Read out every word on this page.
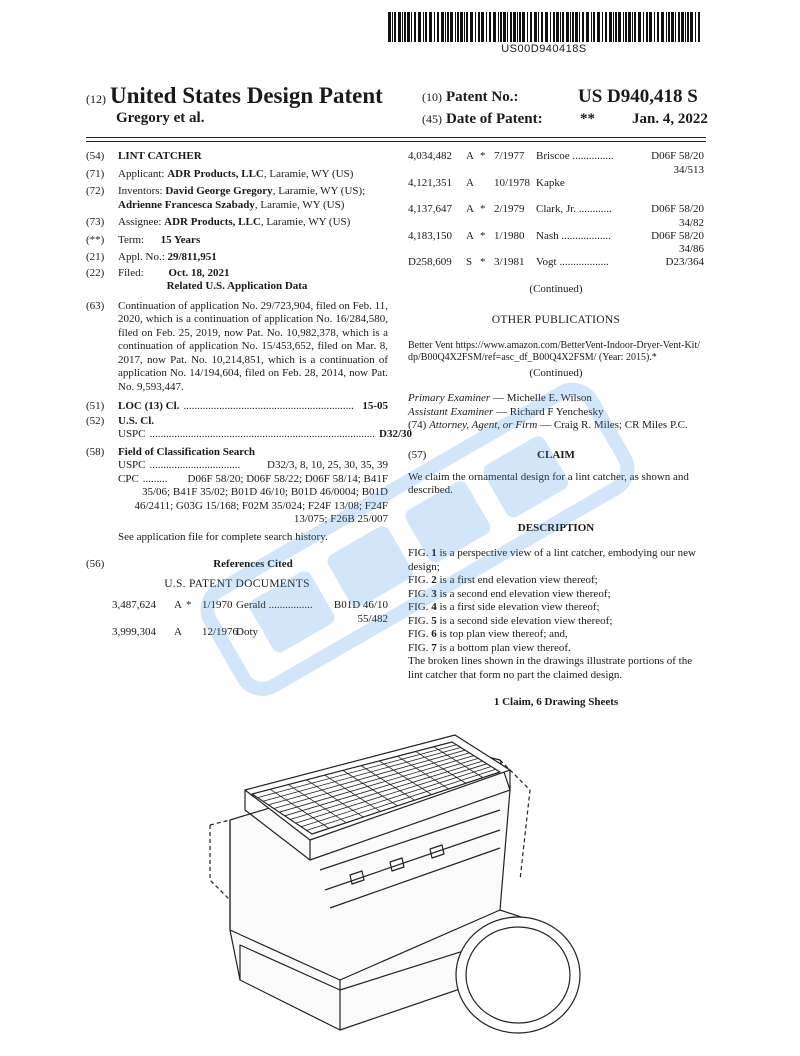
US00D940418S
(12) United States Design Patent
Gregory et al.
(10) Patent No.:	US D940,418 S
(45) Date of Patent: ** Jan. 4, 2022
(54)	LINT CATCHER
(71)	Applicant: ADR Products, LLC, Laramie, WY (US)
(72)	Inventors: David George Gregory, Laramie, WY (US); Adrienne Francesca Szabady, Laramie, WY (US)
(73)	Assignee: ADR Products, LLC, Laramie, WY (US)
(**)	Term: 15 Years
(21)	Appl. No.: 29/811,951
(22)	Filed: Oct. 18, 2021
Related U.S. Application Data
(63)	Continuation of application No. 29/723,904, filed on Feb. 11, 2020, which is a continuation of application No. 16/284,580, filed on Feb. 25, 2019, now Pat. No. 10,982,378, which is a continuation of application No. 15/453,652, filed on Mar. 8, 2017, now Pat. No. 10,214,851, which is a continuation of application No. 14/194,604, filed on Feb. 28, 2014, now Pat. No. 9,593,447.
(51)	LOC (13) Cl. .............................................................. 15-05
(52)	U.S. Cl.
USPC .................................................................................. D32/30
(58)	Field of Classification Search
USPC .................................	D32/3, 8, 10, 25, 30, 35, 39
CPC ......... D06F 58/20; D06F 58/22; D06F 58/14; B41F 35/06; B41F 35/02; B01D 46/10; B01D 46/0004; B01D 46/2411; G03G 15/168; F02M 35/024; F24F 13/08; F24F 13/075; F26B 25/007
See application file for complete search history.
(56)	References Cited
U.S. PATENT DOCUMENTS
3,487,624 A * 1/1970 Gerald ................ B01D 46/10
55/482
3,999,304 A 12/1976
Doty
4,034,482 A * 7/1977 Briscoe ...............	D06F 58/20
34/513
4,121,351 A 10/1978 Kapke
4,137,647 A * 2/1979 Clark, Jr. ............	D06F 58/20
34/82
4,183,150 A * 1/1980 Nash ..................	D06F 58/20
34/86
D258,609 S * 3/1981 Vogt ..................	D23/364
(Continued)
OTHER PUBLICATIONS
Better Vent https://www.amazon.com/BetterVent-Indoor-Dryer-Vent-Kit/dp/B00Q4X2FSM/ref=asc_df_B00Q4X2FSM/ (Year: 2015).*
(Continued)
Primary Examiner — Michelle E. Wilson
Assistant Examiner — Richard F Yenchesky
(74) Attorney, Agent, or Firm — Craig R. Miles; CR Miles P.C.
(57)	CLAIM
We claim the ornamental design for a lint catcher, as shown and described.
DESCRIPTION
FIG. 1 is a perspective view of a lint catcher, embodying our new design;
FIG. 2 is a first end elevation view thereof;
FIG. 3 is a second end elevation view thereof;
FIG. 4 is a first side elevation view thereof;
FIG. 5 is a second side elevation view thereof;
FIG. 6 is top plan view thereof; and,
FIG. 7 is a bottom plan view thereof.
The broken lines shown in the drawings illustrate portions of the lint catcher that form no part the claimed design.
1 Claim, 6 Drawing Sheets
